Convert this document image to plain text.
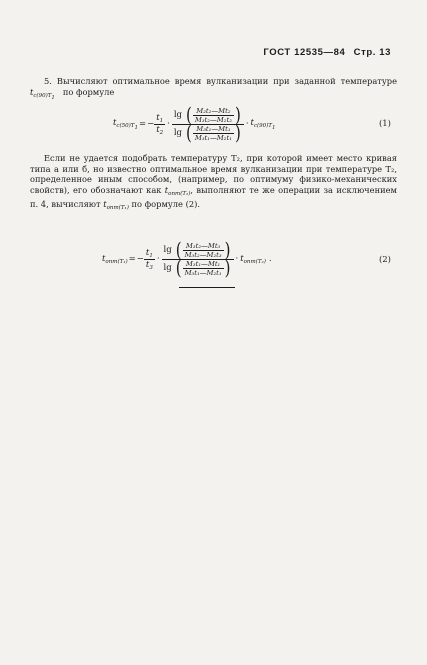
ГОСТ 12535—84 Стр. 13
5. Вычисляют оптимальное время вулканизации при заданной температуре $t_{c(90)T_1}$   по формуле
$t_{c(50)T_1}$ = − $\frac{t_1}{t_2}$ ·
lg ( $\frac{\text{M₂t₂—Mt₂}}{\text{M₃t₂—M₂t₂}}$ )
lg ( $\frac{\text{M₃t₁—Mt₁}}{\text{M₃t₁—M₂t₁}}$ ) · $t_{c(90)T_1}$	(1)
Если не удается подобрать температуру T₂, при которой имеет место кривая типа а или б, но известно оптимальное время вулканизации при температуре T₂, определенное иным способом, (например, по оптимуму физико-механических свойств), его обозначают как $t_{опт(T_2)}$, выполняют те же операции за исключением п. 4, вычисляют $t_{опт(T_1)}$ по формуле (2).
$t_{опт(T_1)}$ = − $\frac{t_1}{t_3}$ ·
lg ( $\frac{\text{M₃t₂—Mt₃}}{\text{M₃t₂—M₂t₃}}$ )
lg ( $\frac{\text{M₃t₁—Mt₁}}{\text{M₃t₁—M₂t₁}}$ ) · $t_{опт(T_2)}$ .	(2)
